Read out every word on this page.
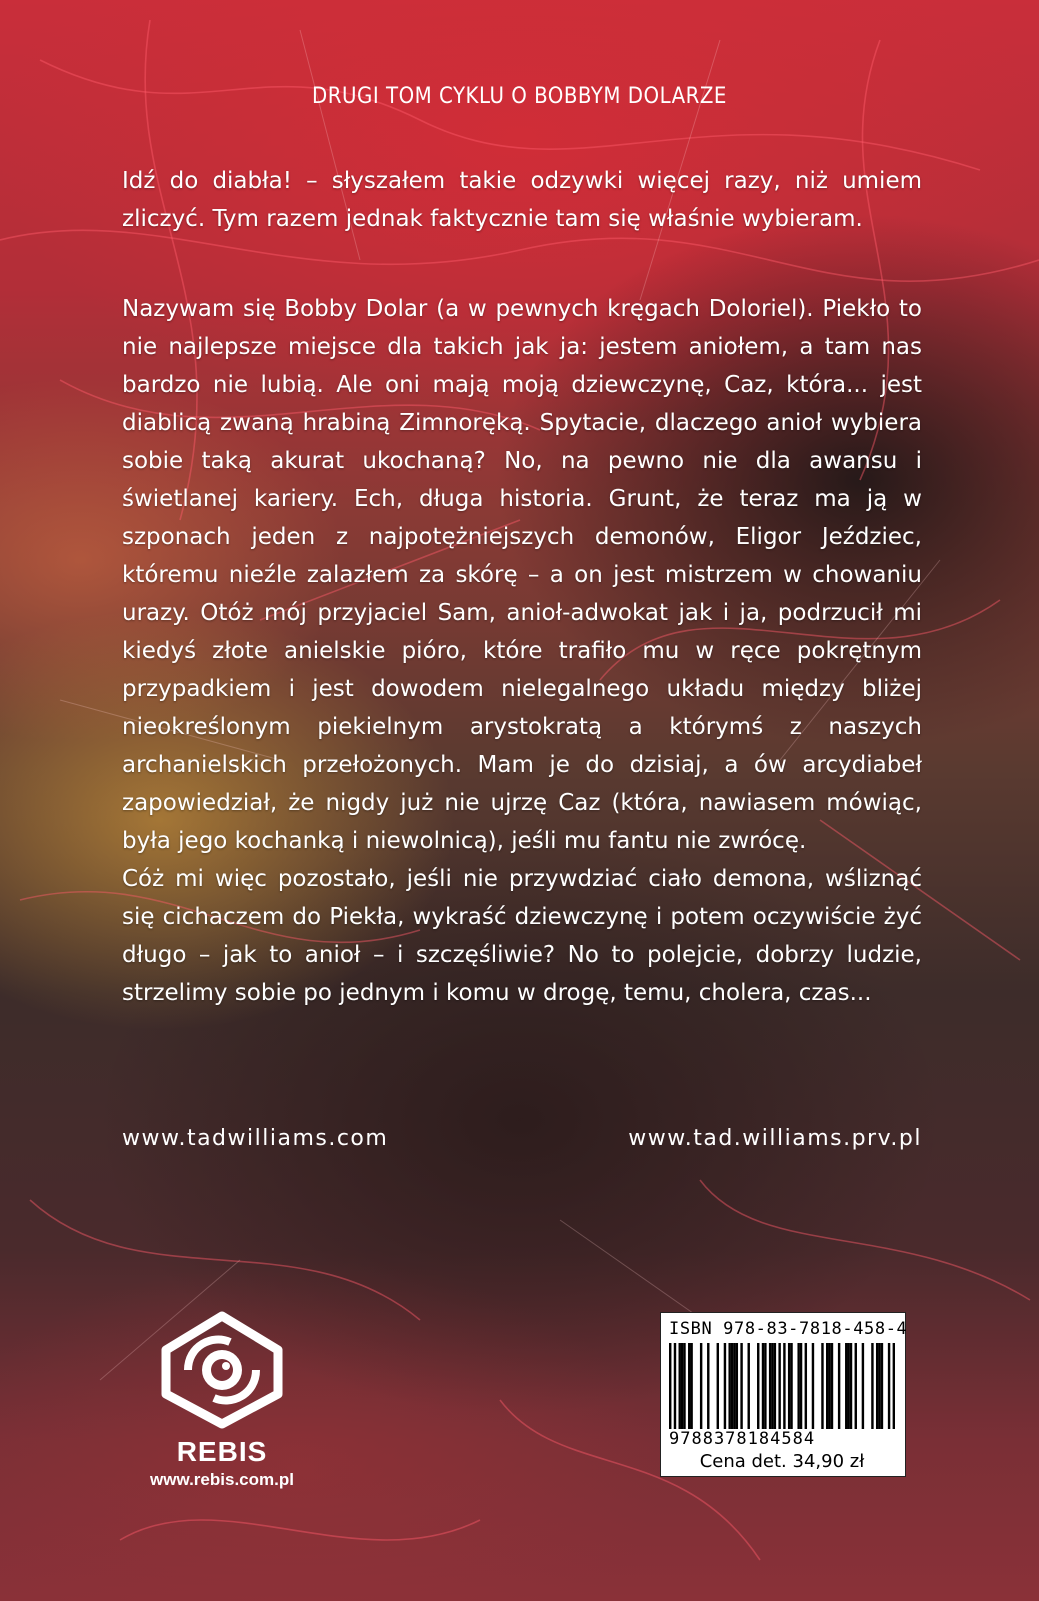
DRUGI TOM CYKLU O BOBBYM DOLARZE

Idź do diabła! – słyszałem takie odzywki więcej razy, niż umiem zliczyć. Tym razem jednak faktycznie tam się właśnie wybieram.

Nazywam się Bobby Dolar (a w pewnych kręgach Doloriel). Piekło to nie najlepsze miejsce dla takich jak ja: jestem aniołem, a tam nas bardzo nie lubią. Ale oni mają moją dziewczynę, Caz, która... jest diablicą zwaną hrabiną Zimnoręką. Spytacie, dlaczego anioł wybiera sobie taką akurat ukochaną? No, na pewno nie dla awansu i świetlanej kariery. Ech, długa historia. Grunt, że teraz ma ją w szponach jeden z najpotężniejszych demonów, Eligor Jeździec, któremu nieźle zalazłem za skórę – a on jest mistrzem w chowaniu urazy. Otóż mój przyjaciel Sam, anioł-adwokat jak i ja, podrzucił mi kiedyś złote anielskie pióro, które trafiło mu w ręce pokrętnym przypadkiem i jest dowodem nielegalnego układu między bliżej nieokreślonym piekielnym arystokratą a którymś z naszych archanielskich przełożonych. Mam je do dzisiaj, a ów arcydiabeł zapowiedział, że nigdy już nie ujrzę Caz (która, nawiasem mówiąc, była jego kochanką i niewolnicą), jeśli mu fantu nie zwrócę.

Cóż mi więc pozostało, jeśli nie przywdziać ciało demona, wśliznąć się cichaczem do Piekła, wykraść dziewczynę i potem oczywiście żyć długo – jak to anioł – i szczęśliwie? No to polejcie, dobrzy ludzie, strzelimy sobie po jednym i komu w drogę, temu, cholera, czas...

www.tadwilliams.com	www.tad.williams.prv.pl
REBIS
www.rebis.com.pl
ISBN 978-83-7818-458-4
9788378184584
Cena det. 34,90 zł
